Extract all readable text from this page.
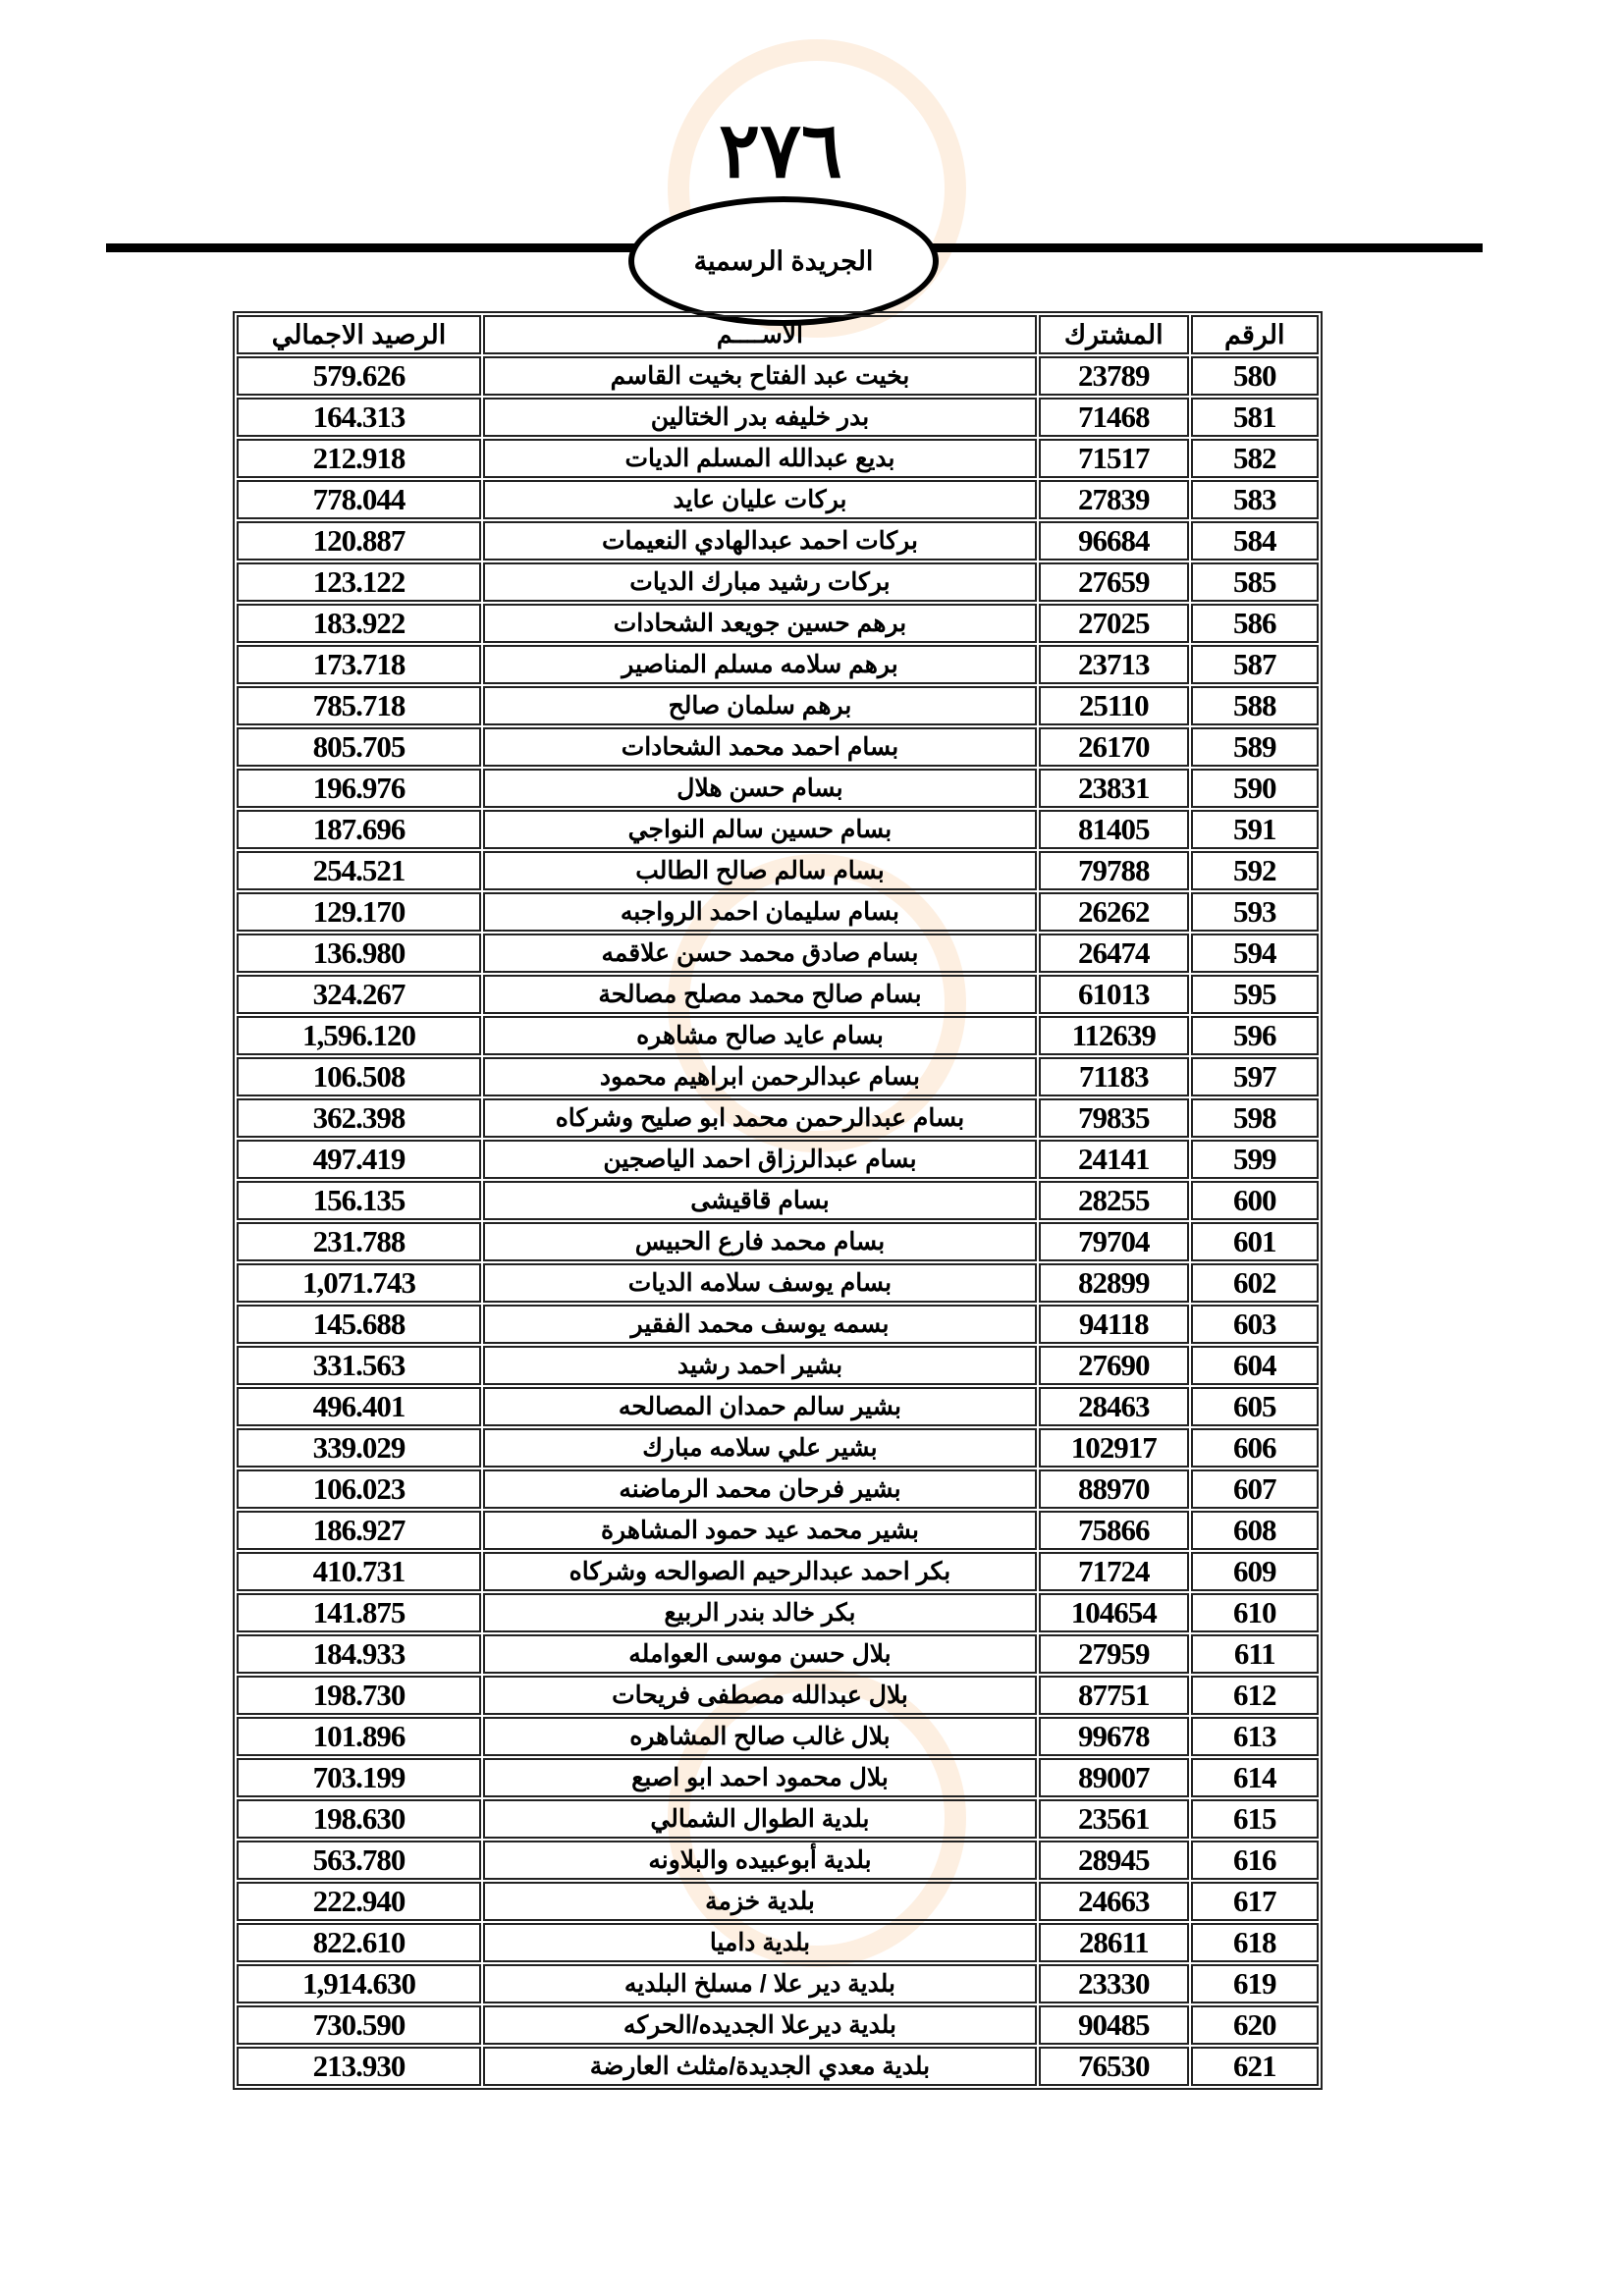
٢٧٦
الجريدة الرسمية
الرقم	المشترك	الاســــم	الرصيد الاجمالي
580	23789	بخيت عبد الفتاح بخيت القاسم	579.626
581	71468	بدر خليفه بدر الختالين	164.313
582	71517	بديع عبدالله المسلم الديات	212.918
583	27839	بركات عليان عايد	778.044
584	96684	بركات احمد عبدالهادي النعيمات	120.887
585	27659	بركات رشيد مبارك الديات	123.122
586	27025	برهم حسين جويعد الشحادات	183.922
587	23713	برهم سلامه مسلم المناصير	173.718
588	25110	برهم سلمان صالح	785.718
589	26170	بسام احمد محمد الشحادات	805.705
590	23831	بسام حسن هلال	196.976
591	81405	بسام حسين سالم النواجي	187.696
592	79788	بسام سالم صالح الطالب	254.521
593	26262	بسام سليمان احمد الرواجبه	129.170
594	26474	بسام صادق محمد حسن علاقمه	136.980
595	61013	بسام صالح محمد مصلح مصالحة	324.267
596	112639	بسام عايد صالح مشاهره	1,596.120
597	71183	بسام عبدالرحمن ابراهيم محمود	106.508
598	79835	بسام عبدالرحمن محمد ابو صليح وشركاه	362.398
599	24141	بسام عبدالرزاق احمد الياصجين	497.419
600	28255	بسام قاقيشى	156.135
601	79704	بسام محمد فارع الحبيس	231.788
602	82899	بسام يوسف سلامه الديات	1,071.743
603	94118	بسمه يوسف محمد الفقير	145.688
604	27690	بشير احمد رشيد	331.563
605	28463	بشير سالم حمدان المصالحه	496.401
606	102917	بشير علي سلامه مبارك	339.029
607	88970	بشير فرحان محمد الرماضنه	106.023
608	75866	بشير محمد عيد حمود المشاهرة	186.927
609	71724	بكر احمد عبدالرحيم الصوالحه وشركاه	410.731
610	104654	بكر خالد بندر الربيع	141.875
611	27959	بلال حسن موسى العوامله	184.933
612	87751	بلال عبدالله مصطفى فريحات	198.730
613	99678	بلال غالب صالح المشاهره	101.896
614	89007	بلال محمود احمد ابو اصبع	703.199
615	23561	بلدية الطوال الشمالي	198.630
616	28945	بلدية أبوعبيده والبلاونه	563.780
617	24663	بلدية خزمة	222.940
618	28611	بلدية داميا	822.610
619	23330	بلدية دير علا / مسلخ البلديه	1,914.630
620	90485	بلدية ديرعلا الجديده/الحركه	730.590
621	76530	بلدية معدي الجديدة/مثلث العارضة	213.930
